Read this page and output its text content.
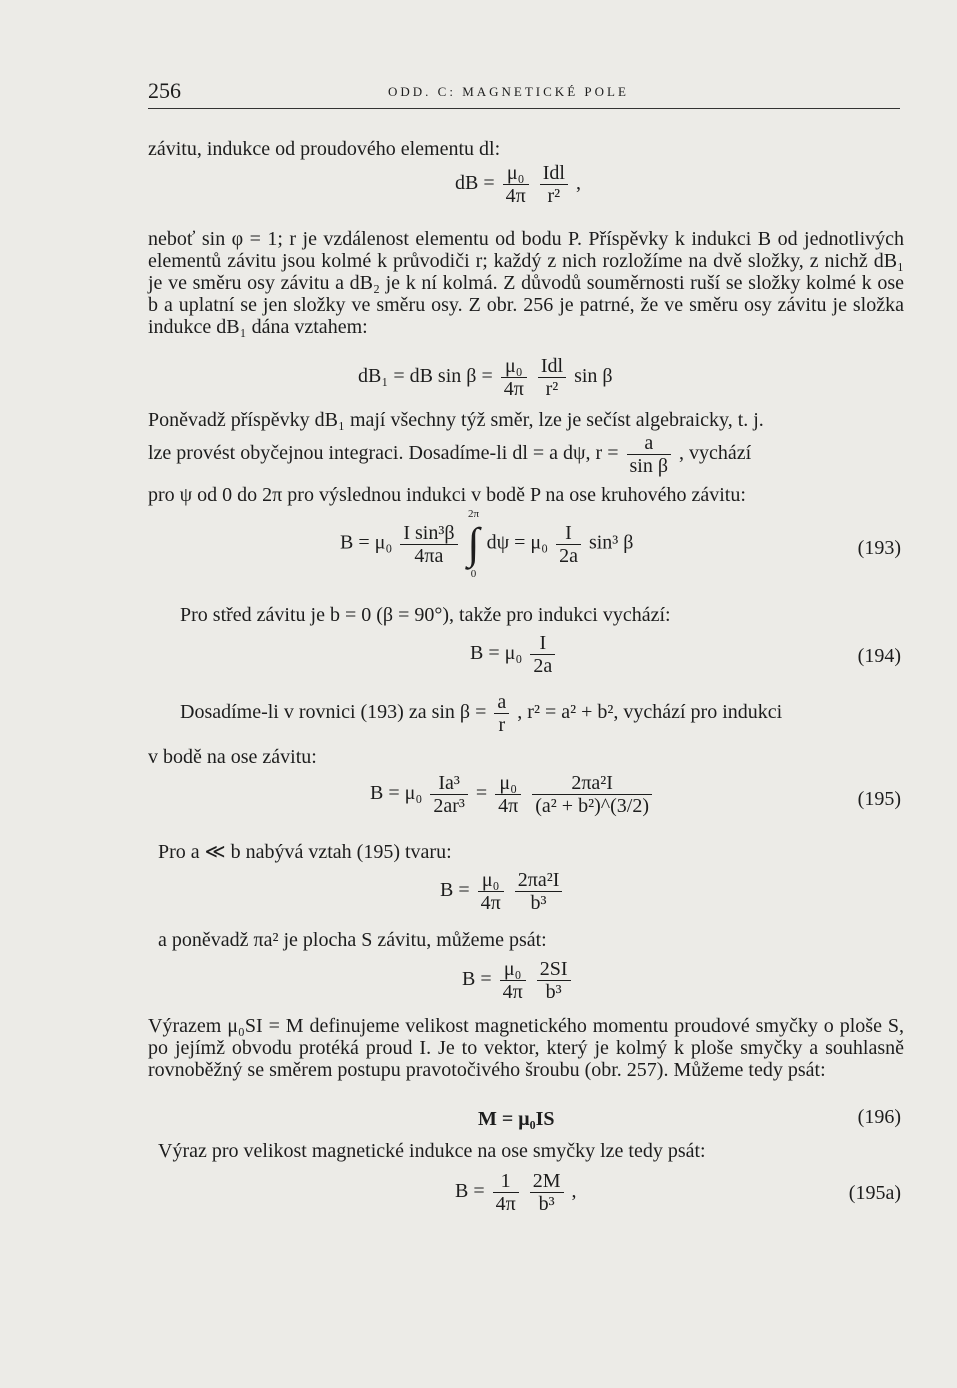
256	ODD. C: MAGNETICKÉ POLE
závitu, indukce od proudového elementu dl:
dB = $\frac{\text{μ₀}}{4\pi}$
$\frac{\text{Idl}}{\text{r²}}$ ,

neboť sin φ = 1; r je vzdálenost elementu od bodu P. Příspěvky k indukci B od jednotlivých elementů závitu jsou kolmé k průvodiči r; každý z nich rozložíme na dvě složky, z nichž dB₁ je ve směru osy závitu a dB₂ je k ní kolmá. Z důvodů souměrnosti ruší se složky kolmé k ose b a uplatní se jen složky ve směru osy. Z obr. 256 je patrné, že ve směru osy závitu je složka indukce dB₁ dána vztahem:

dB₁ = dB $\sin \beta = \frac{\text{μ₀}}{4\pi}$
$\frac{\text{Idl}}{\text{r²}}$ sin β
Poněvadž příspěvky dB₁ mají všechny týž směr, lze je sečíst algebraicky, t. j.
lze provést obyčejnou integraci. Dosadíme-li dl = a dψ, $r = \frac{a}{\text{sin β}}$ , vychází
pro ψ od 0 do 2π pro výslednou indukci v bodě P na ose kruhového závitu:
$B = \mu_0 \frac{\text{I sin³β}}{4\pi a}$
2π
∫
0 $d\psi = \mu_0 \frac{I}{2a} \sin^3$ β	(193)
Pro střed závitu je b = 0 (β = 90°), takže pro indukci vychází:
$B = \mu_0 \frac{I}{2a}$	(194)
Dosadíme-li v rovnici (193) za $\sin \beta = \frac{a}{r}$ , r² = a² + b², vychází pro indukci
v bodě na ose závitu:
$B = \mu_0 \frac{\text{Ia³}}{\text{2ar³}} = \frac{\text{μ₀}}{4\pi}$
$\frac{\text{2πa²I}}{\text{(a² + b²)\textasciicircum{}(3/2)}}$	(195)
Pro a ≪ b nabývá vztah (195) tvaru:
$B = \frac{\text{μ₀}}{4\pi}$
$\frac{\text{2πa²I}}{\text{b³}}$
a poněvadž πa² je plocha S závitu, můžeme psát:
$B = \frac{\text{μ₀}}{4\pi}$
$\frac{2SI}{\text{b³}}$

Výrazem μ₀SI = M definujeme velikost magnetického momentu proudové smyčky o ploše S, po jejímž obvodu protéká proud I. Je to vektor, který je kolmý k ploše smyčky a souhlasně rovnoběžný se směrem postupu pravotočivého šroubu (obr. 257). Můžeme tedy psát:

M = μ₀IS	(196)
Výraz pro velikost magnetické indukce na ose smyčky lze tedy psát:
$B = \frac{1}{4\pi}$
$\frac{2M}{\text{b³}}$ ,	(195a)
